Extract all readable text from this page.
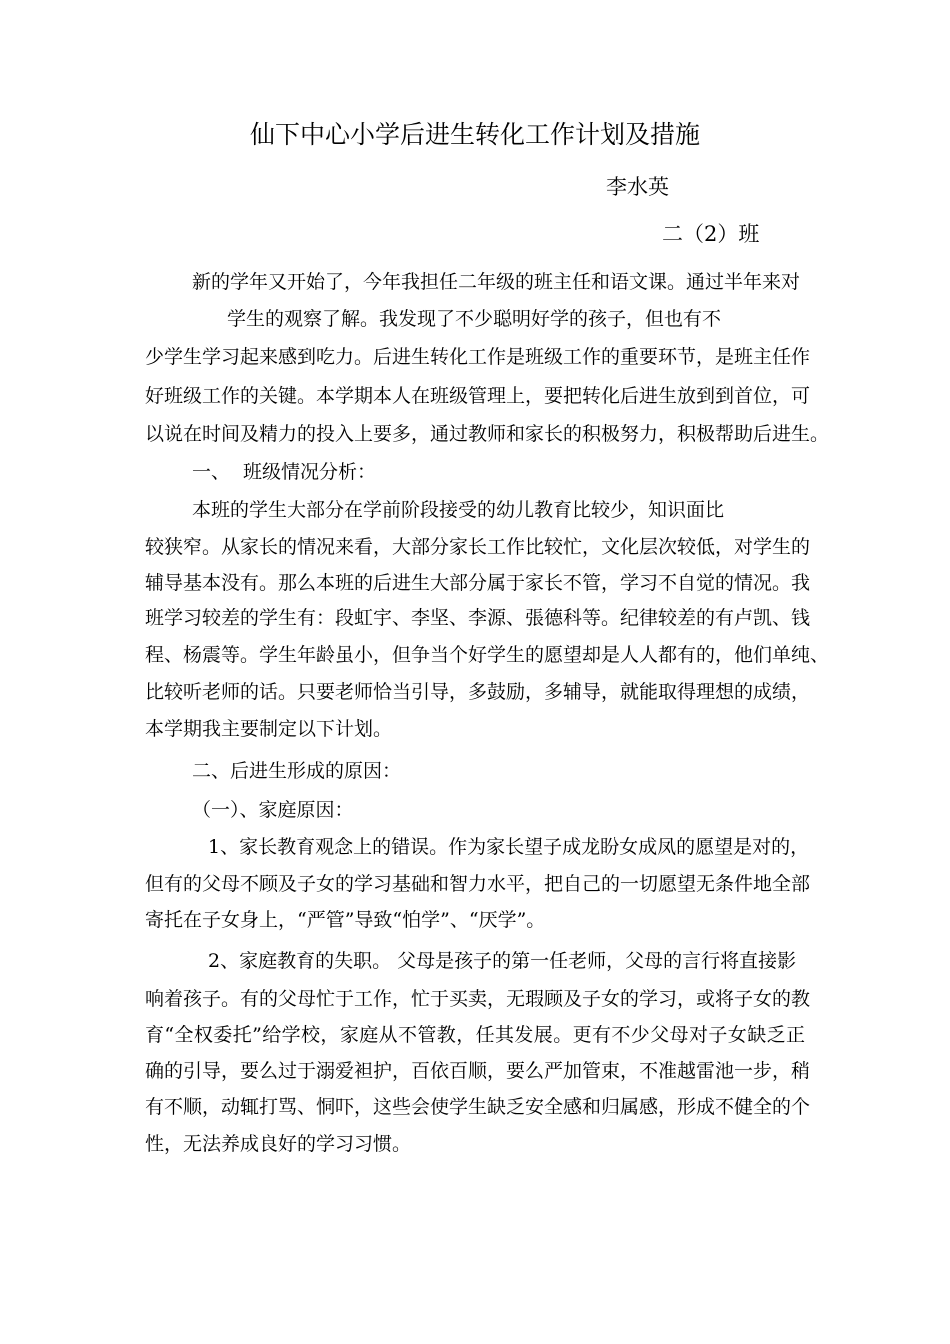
仙下中心小学后进生转化工作计划及措施
李水英
二（2）班
新的学年又开始了，今年我担任二年级的班主任和语文课。通过半年来对
学生的观察了解。我发现了不少聪明好学的孩子，但也有不
少学生学习起来感到吃力。后进生转化工作是班级工作的重要环节，是班主任作
好班级工作的关键。本学期本人在班级管理上，要把转化后进生放到到首位，可
以说在时间及精力的投入上要多，通过教师和家长的积极努力，积极帮助后进生。
一、 班级情况分析：
本班的学生大部分在学前阶段接受的幼儿教育比较少，知识面比
较狭窄。从家长的情况来看，大部分家长工作比较忙，文化层次较低，对学生的
辅导基本没有。那么本班的后进生大部分属于家长不管，学习不自觉的情况。我
班学习较差的学生有：段虹宇、李坚、李源、張德科等。纪律较差的有卢凯、钱
程、杨震等。学生年龄虽小，但争当个好学生的愿望却是人人都有的，他们单纯、
比较听老师的话。只要老师恰当引导，多鼓励，多辅导，就能取得理想的成绩，
本学期我主要制定以下计划。
二、后进生形成的原因：
（一）、家庭原因：
1、家长教育观念上的错误。作为家长望子成龙盼女成凤的愿望是对的，
但有的父母不顾及子女的学习基础和智力水平，把自己的一切愿望无条件地全部
寄托在子女身上，“严管”导致“怕学”、“厌学”。
2、家庭教育的失职。 父母是孩子的第一任老师，父母的言行将直接影
响着孩子。有的父母忙于工作，忙于买卖，无瑕顾及子女的学习，或将子女的教
育“全权委托”给学校，家庭从不管教，任其发展。更有不少父母对子女缺乏正
确的引导，要么过于溺爱袒护，百依百顺，要么严加管束，不准越雷池一步，稍
有不顺，动辄打骂、恫吓，这些会使学生缺乏安全感和归属感，形成不健全的个
性，无法养成良好的学习习惯。
